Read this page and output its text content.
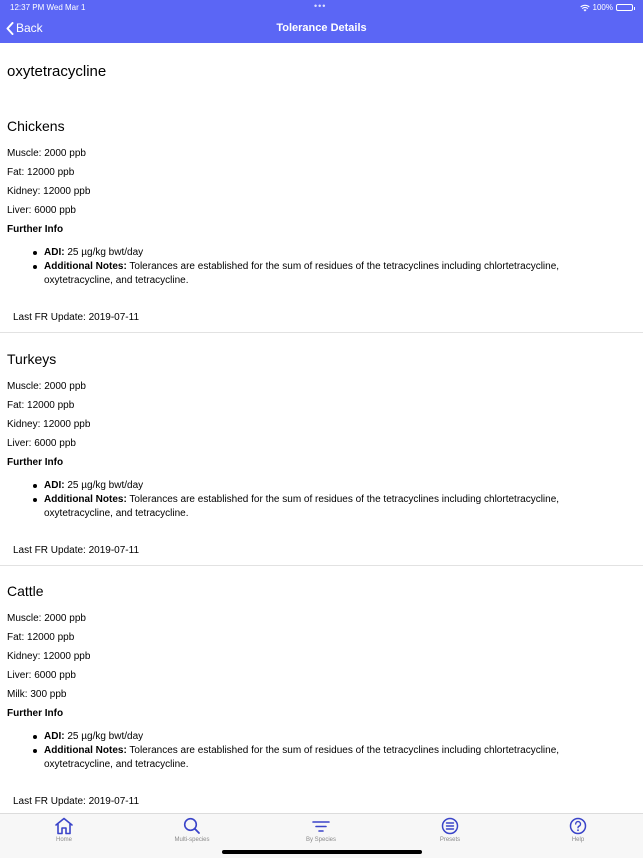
12:37 PM Wed Mar 1	•••	100%
Back	Tolerance Details
oxytetracycline
Chickens
Muscle: 2000 ppb
Fat: 12000 ppb
Kidney: 12000 ppb
Liver: 6000 ppb
Further Info
ADI: 25 µg/kg bwt/day
Additional Notes: Tolerances are established for the sum of residues of the tetracyclines including chlortetracycline, oxytetracycline, and tetracycline.
Last FR Update: 2019-07-11
Turkeys
Muscle: 2000 ppb
Fat: 12000 ppb
Kidney: 12000 ppb
Liver: 6000 ppb
Further Info
ADI: 25 µg/kg bwt/day
Additional Notes: Tolerances are established for the sum of residues of the tetracyclines including chlortetracycline, oxytetracycline, and tetracycline.
Last FR Update: 2019-07-11
Cattle
Muscle: 2000 ppb
Fat: 12000 ppb
Kidney: 12000 ppb
Liver: 6000 ppb
Milk: 300 ppb
Further Info
ADI: 25 µg/kg bwt/day
Additional Notes: Tolerances are established for the sum of residues of the tetracyclines including chlortetracycline, oxytetracycline, and tetracycline.
Last FR Update: 2019-07-11
Home	Multi-species	By Species	Presets	Help
